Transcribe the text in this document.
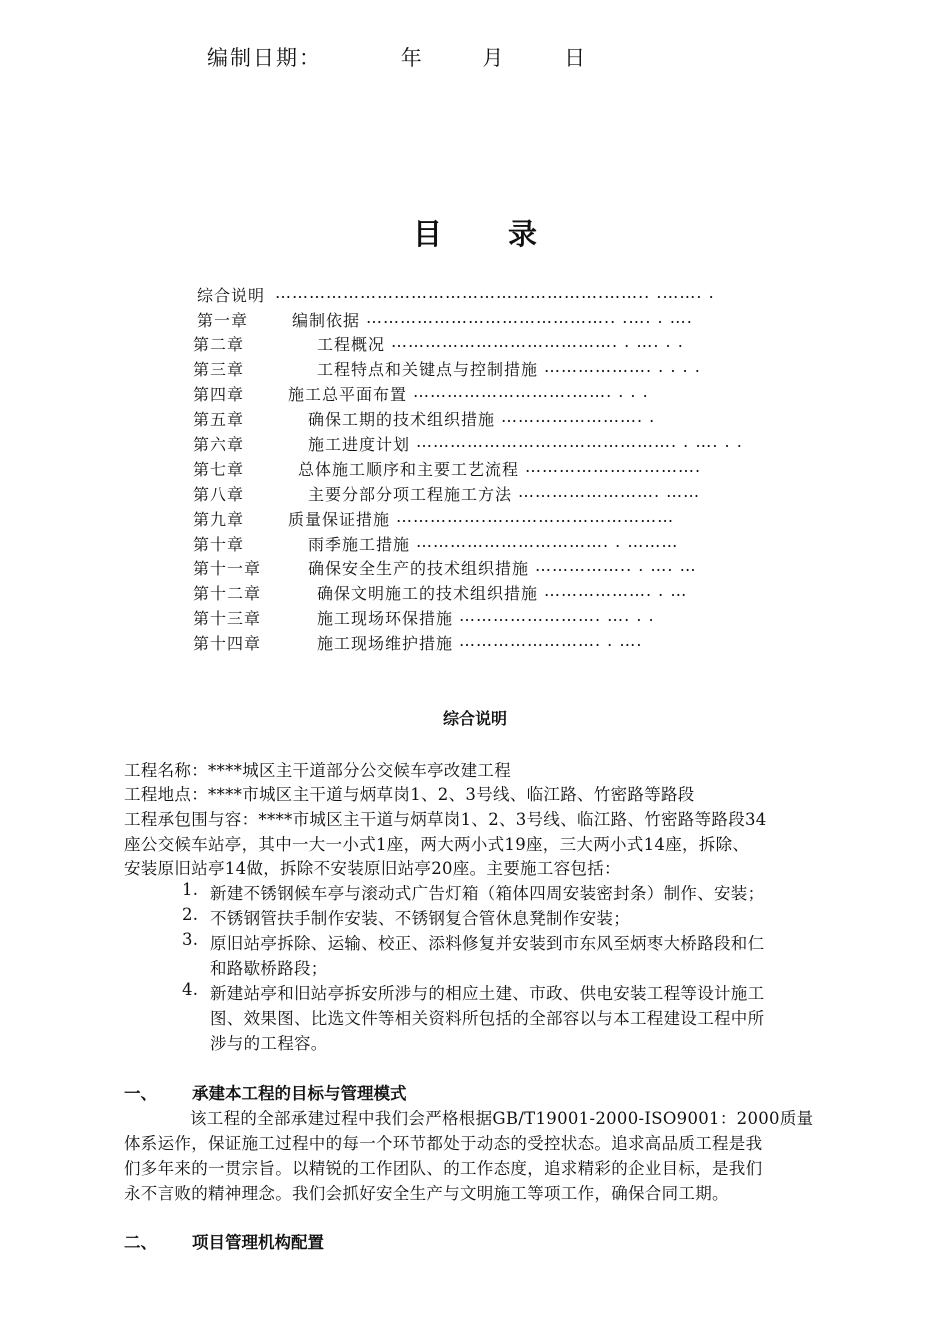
编制日期：	年	月	日
目 录
综合说明 ………………………………………………….…….. .……. .
第一章	编制依据 …………………………………….. .…. . ….
第二章	工程概况 …………………………………. . …. . .
第三章	工程特点和关键点与控制措施 ………………. . . . .
第四章	施工总平面布置 ……………………….……. . . .
第五章	确保工期的技术组织措施 ……………………. .
第六章	施工进度计划 ………………………………………. . …. . .
第七章	总体施工顺序和主要工艺流程 ………………………….
第八章	主要分部分项工程施工方法 ……………………. ……
第九章	质量保证措施 …………….……………………………
第十章	雨季施工措施 ……………………………. . ………
第十一章	确保安全生产的技术组织措施 …………….. . …. …
第十二章	确保文明施工的技术组织措施 ………………. . …
第十三章	施工现场环保措施 ……………………. …. . .
第十四章	施工现场维护措施 ……………………. . ….
综合说明
工程名称：****城区主干道部分公交候车亭改建工程
工程地点：****市城区主干道与炳草岗1、2、3号线、临江路、竹密路等路段
工程承包围与容：****市城区主干道与炳草岗1、2、3号线、临江路、竹密路等路段34
座公交候车站亭，其中一大一小式1座，两大两小式19座，三大两小式14座，拆除、
安装原旧站亭14做，拆除不安装原旧站亭20座。主要施工容包括：
1. 新建不锈钢候车亭与滚动式广告灯箱（箱体四周安装密封条）制作、安装；
2. 不锈钢管扶手制作安装、不锈钢复合管休息凳制作安装；
3. 原旧站亭拆除、运输、校正、添料修复并安装到市东风至炳枣大桥路段和仁
和路歇桥路段；
4. 新建站亭和旧站亭拆安所涉与的相应土建、市政、供电安装工程等设计施工
图、效果图、比选文件等相关资料所包括的全部容以与本工程建设工程中所
涉与的工程容。
一、 承建本工程的目标与管理模式
该工程的全部承建过程中我们会严格根据GB/T19001-2000-ISO9001：2000质量
体系运作，保证施工过程中的每一个环节都处于动态的受控状态。追求高品质工程是我
们多年来的一贯宗旨。以精锐的工作团队、的工作态度，追求精彩的企业目标，是我们
永不言败的精神理念。我们会抓好安全生产与文明施工等项工作，确保合同工期。
二、 项目管理机构配置
